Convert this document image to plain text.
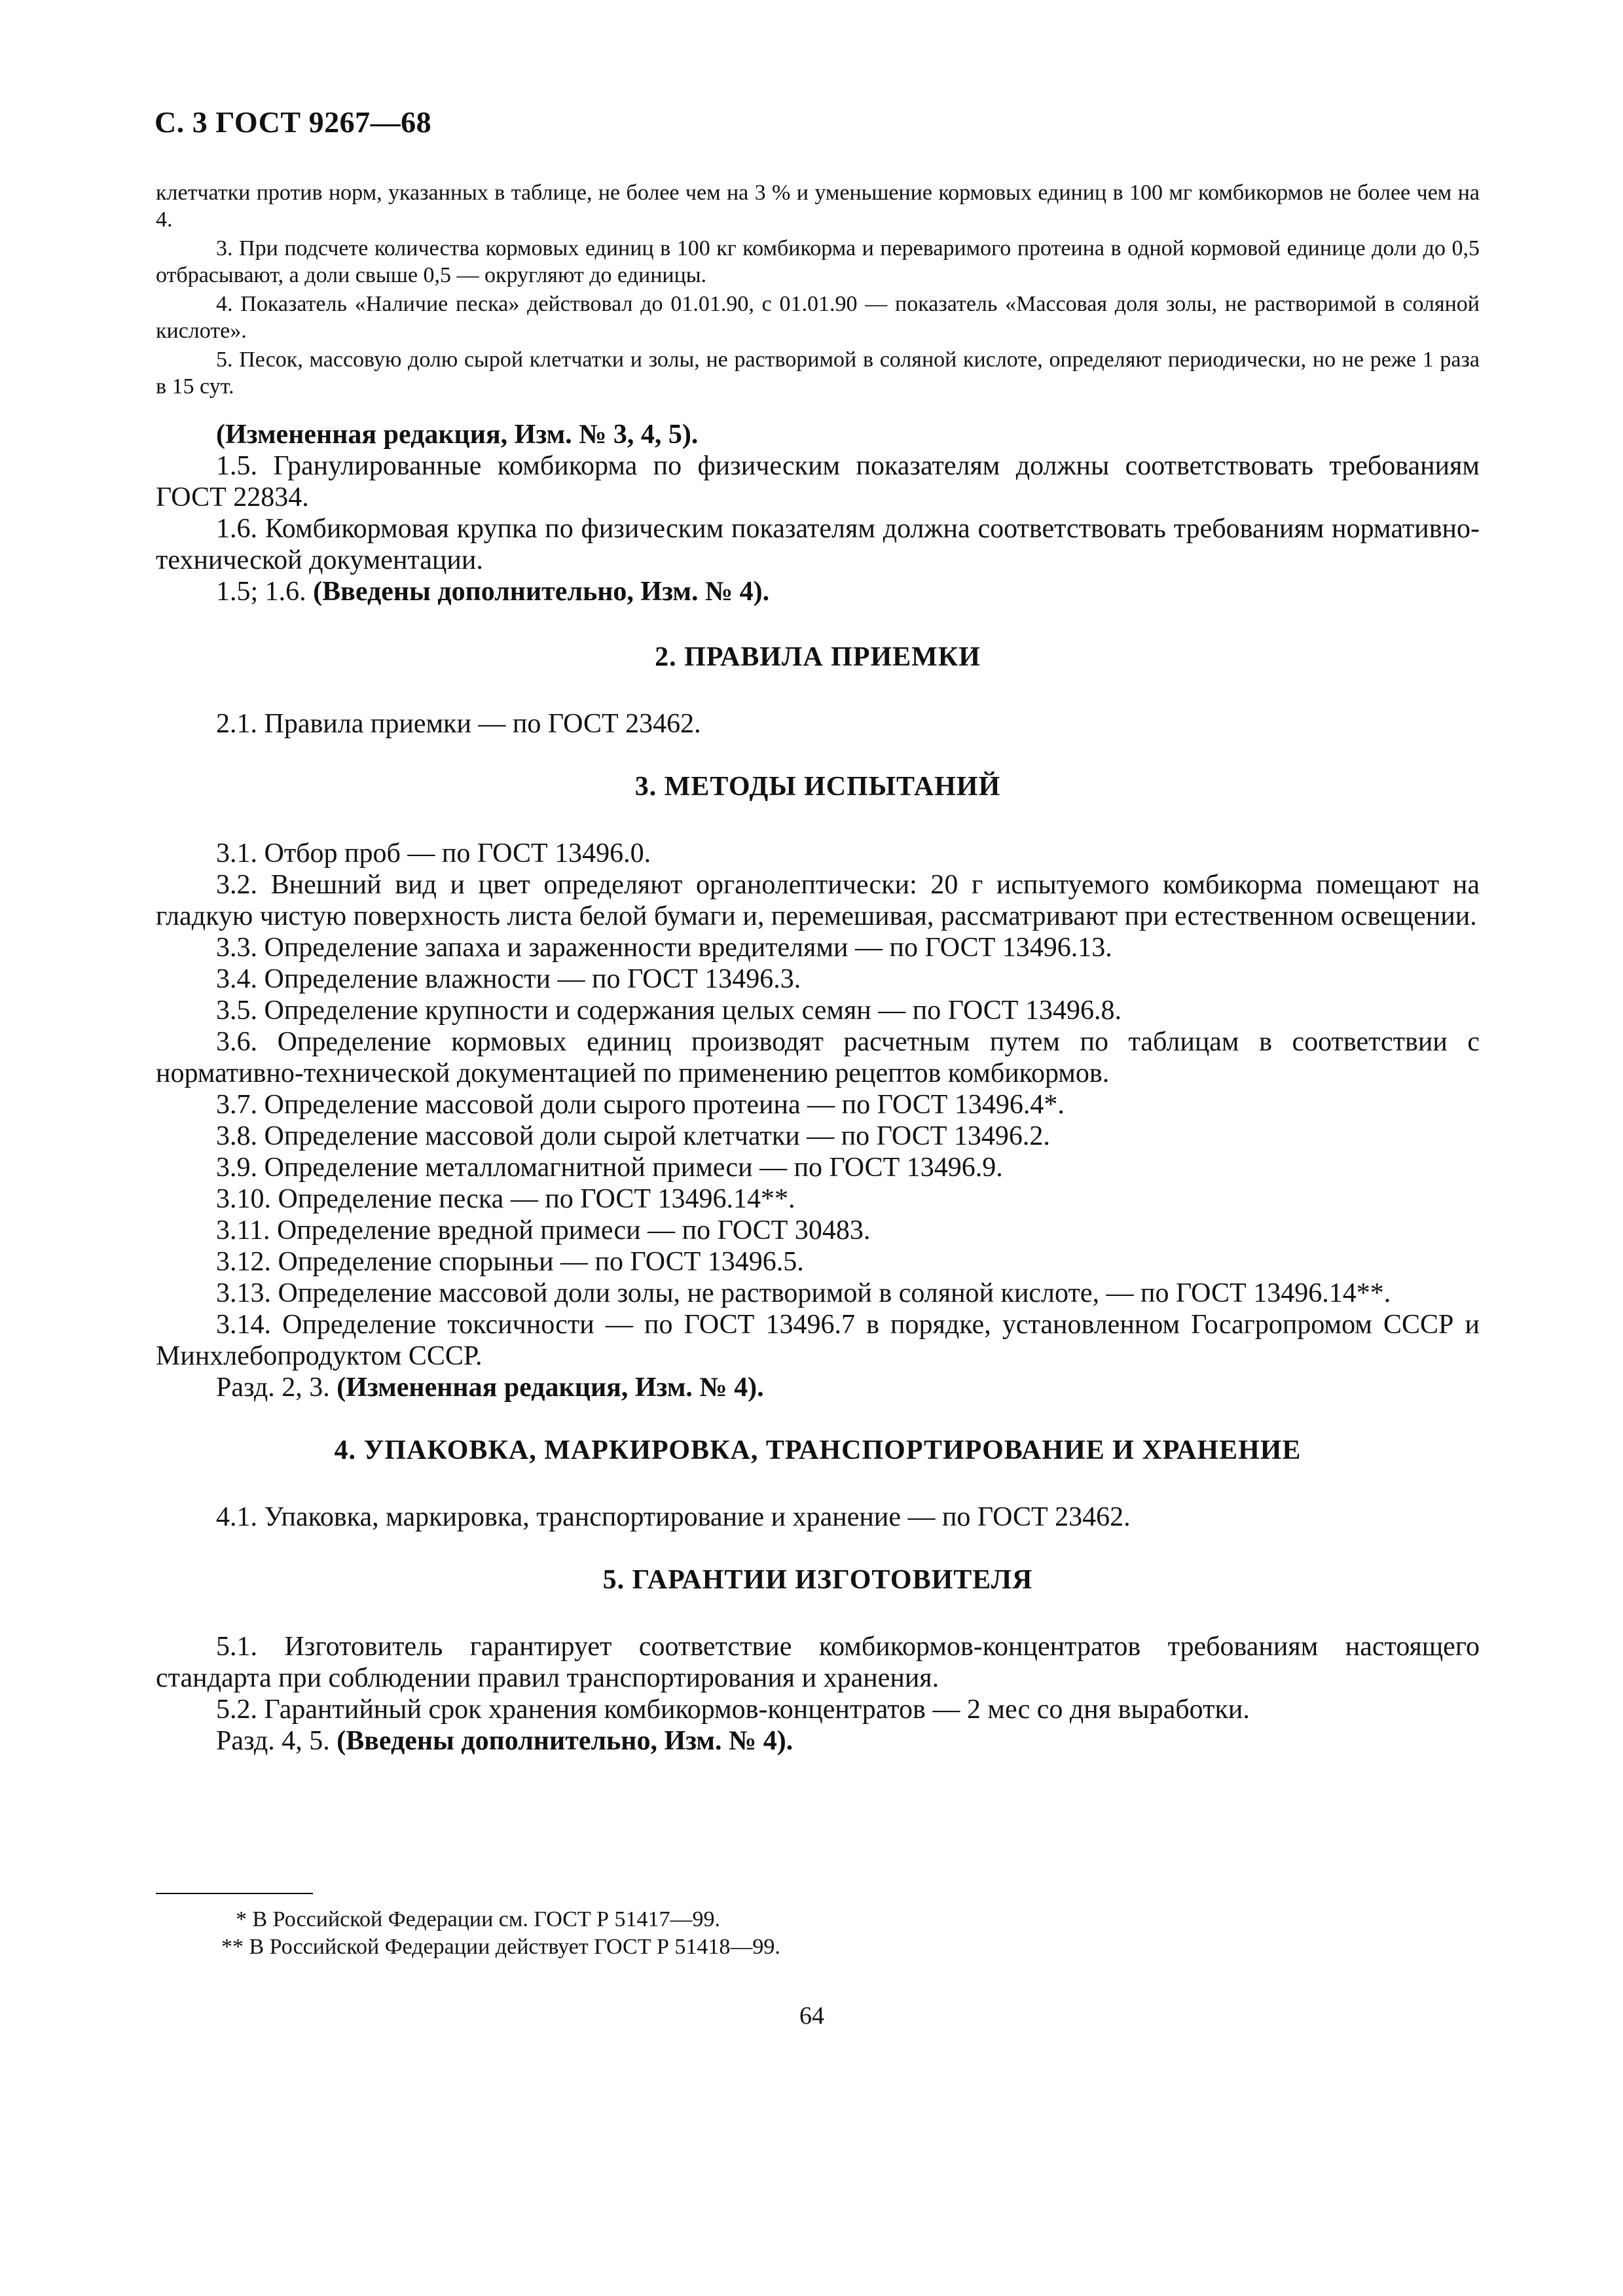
С. 3 ГОСТ 9267—68

клетчатки против норм, указанных в таблице, не более чем на 3 % и уменьшение кормовых единиц в 100 мг комбикормов не более чем на 4.

3. При подсчете количества кормовых единиц в 100 кг комбикорма и переваримого протеина в одной кормовой единице доли до 0,5 отбрасывают, а доли свыше 0,5 — округляют до единицы.

4. Показатель «Наличие песка» действовал до 01.01.90, с 01.01.90 — показатель «Массовая доля золы, не растворимой в соляной кислоте».

5. Песок, массовую долю сырой клетчатки и золы, не растворимой в соляной кислоте, определяют периодически, но не реже 1 раза в 15 сут.

(Измененная редакция, Изм. № 3, 4, 5).

1.5. Гранулированные комбикорма по физическим показателям должны соответствовать требованиям ГОСТ 22834.

1.6. Комбикормовая крупка по физическим показателям должна соответствовать требованиям нормативно-технической документации.

1.5; 1.6. (Введены дополнительно, Изм. № 4).

2. ПРАВИЛА ПРИЕМКИ

2.1. Правила приемки — по ГОСТ 23462.

3. МЕТОДЫ ИСПЫТАНИЙ

3.1. Отбор проб — по ГОСТ 13496.0.

3.2. Внешний вид и цвет определяют органолептически: 20 г испытуемого комбикорма помещают на гладкую чистую поверхность листа белой бумаги и, перемешивая, рассматривают при естественном освещении.

3.3. Определение запаха и зараженности вредителями — по ГОСТ 13496.13.

3.4. Определение влажности — по ГОСТ 13496.3.

3.5. Определение крупности и содержания целых семян — по ГОСТ 13496.8.

3.6. Определение кормовых единиц производят расчетным путем по таблицам в соответствии с нормативно-технической документацией по применению рецептов комбикормов.

3.7. Определение массовой доли сырого протеина — по ГОСТ 13496.4*.

3.8. Определение массовой доли сырой клетчатки — по ГОСТ 13496.2.

3.9. Определение металломагнитной примеси — по ГОСТ 13496.9.

3.10. Определение песка — по ГОСТ 13496.14**.

3.11. Определение вредной примеси — по ГОСТ 30483.

3.12. Определение спорыньи — по ГОСТ 13496.5.

3.13. Определение массовой доли золы, не растворимой в соляной кислоте, — по ГОСТ 13496.14**.

3.14. Определение токсичности — по ГОСТ 13496.7 в порядке, установленном Госагропромом СССР и Минхлебопродуктом СССР.

Разд. 2, 3. (Измененная редакция, Изм. № 4).

4. УПАКОВКА, МАРКИРОВКА, ТРАНСПОРТИРОВАНИЕ И ХРАНЕНИЕ

4.1. Упаковка, маркировка, транспортирование и хранение — по ГОСТ 23462.

5. ГАРАНТИИ ИЗГОТОВИТЕЛЯ

5.1. Изготовитель гарантирует соответствие комбикормов-концентратов требованиям настоящего стандарта при соблюдении правил транспортирования и хранения.

5.2. Гарантийный срок хранения комбикормов-концентратов — 2 мес со дня выработки.

Разд. 4, 5. (Введены дополнительно, Изм. № 4).

* В Российской Федерации см. ГОСТ Р 51417—99.

** В Российской Федерации действует ГОСТ Р 51418—99.

64
